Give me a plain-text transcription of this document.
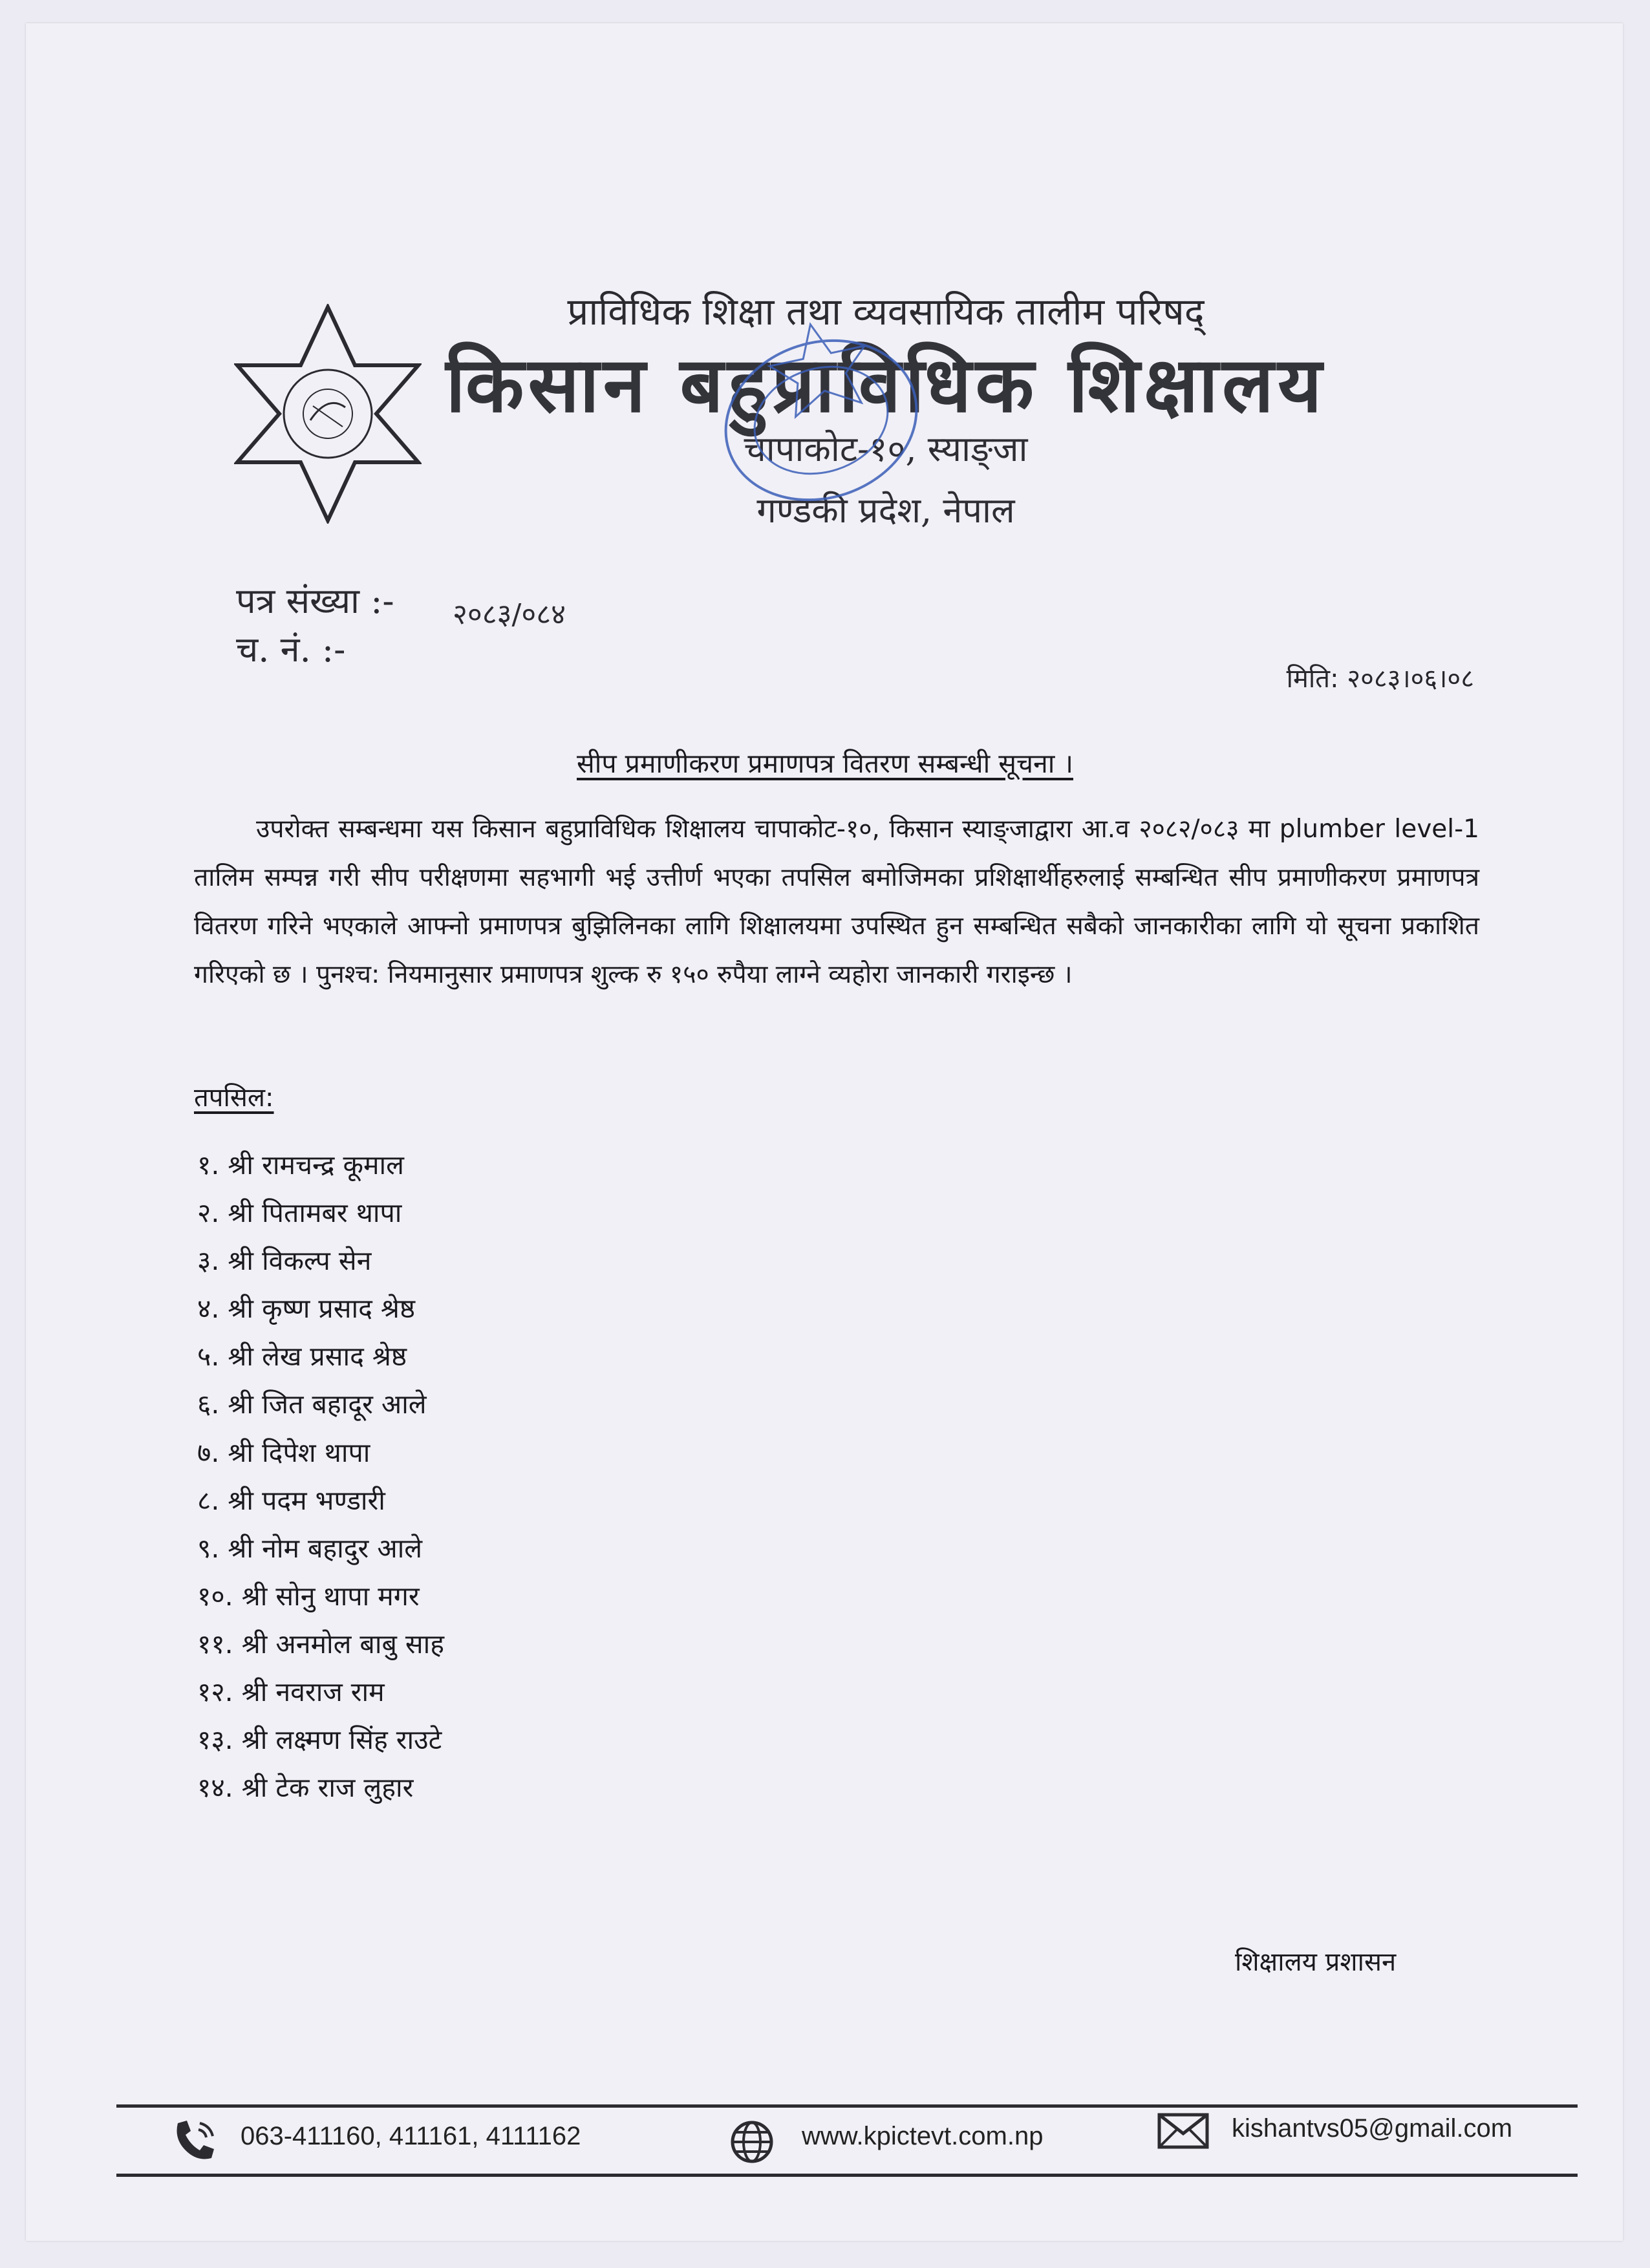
प्राविधिक शिक्षा तथा व्यवसायिक तालीम परिषद्
किसान बहुप्राविधिक शिक्षालय
चापाकोट-१०, स्याङ्जा
गण्डकी प्रदेश, नेपाल
पत्र संख्या :- २०८३/०८४
च. नं. :-
मिति: २०८३।०६।०८
सीप प्रमाणीकरण प्रमाणपत्र वितरण सम्बन्धी सूचना ।
उपरोक्त सम्बन्धमा यस किसान बहुप्राविधिक शिक्षालय चापाकोट-१०, किसान स्याङ्जाद्वारा आ.व २०८२/०८३ मा plumber level-1 तालिम सम्पन्न गरी सीप परीक्षणमा सहभागी भई उत्तीर्ण भएका तपसिल बमोजिमका प्रशिक्षार्थीहरुलाई सम्बन्धित सीप प्रमाणीकरण प्रमाणपत्र वितरण गरिने भएकाले आफ्नो प्रमाणपत्र बुझिलिनका लागि शिक्षालयमा उपस्थित हुन सम्बन्धित सबैको जानकारीका लागि यो सूचना प्रकाशित गरिएको छ । पुनश्च: नियमानुसार प्रमाणपत्र शुल्क रु १५० रुपैया लाग्ने व्यहोरा जानकारी गराइन्छ ।
तपसिल:
१. श्री रामचन्द्र कूमाल
२. श्री पितामबर थापा
३. श्री विकल्प सेन
४. श्री कृष्ण प्रसाद श्रेष्ठ
५. श्री लेख प्रसाद श्रेष्ठ
६. श्री जित बहादूर आले
७. श्री दिपेश थापा
८. श्री पदम भण्डारी
९. श्री नोम बहादुर आले
१०. श्री सोनु थापा मगर
११. श्री अनमोल बाबु साह
१२. श्री नवराज राम
१३. श्री लक्ष्मण सिंह राउटे
१४. श्री टेक राज लुहार
शिक्षालय प्रशासन
063-411160, 411161, 4111162	www.kpictevt.com.np	kishantvs05@gmail.com
